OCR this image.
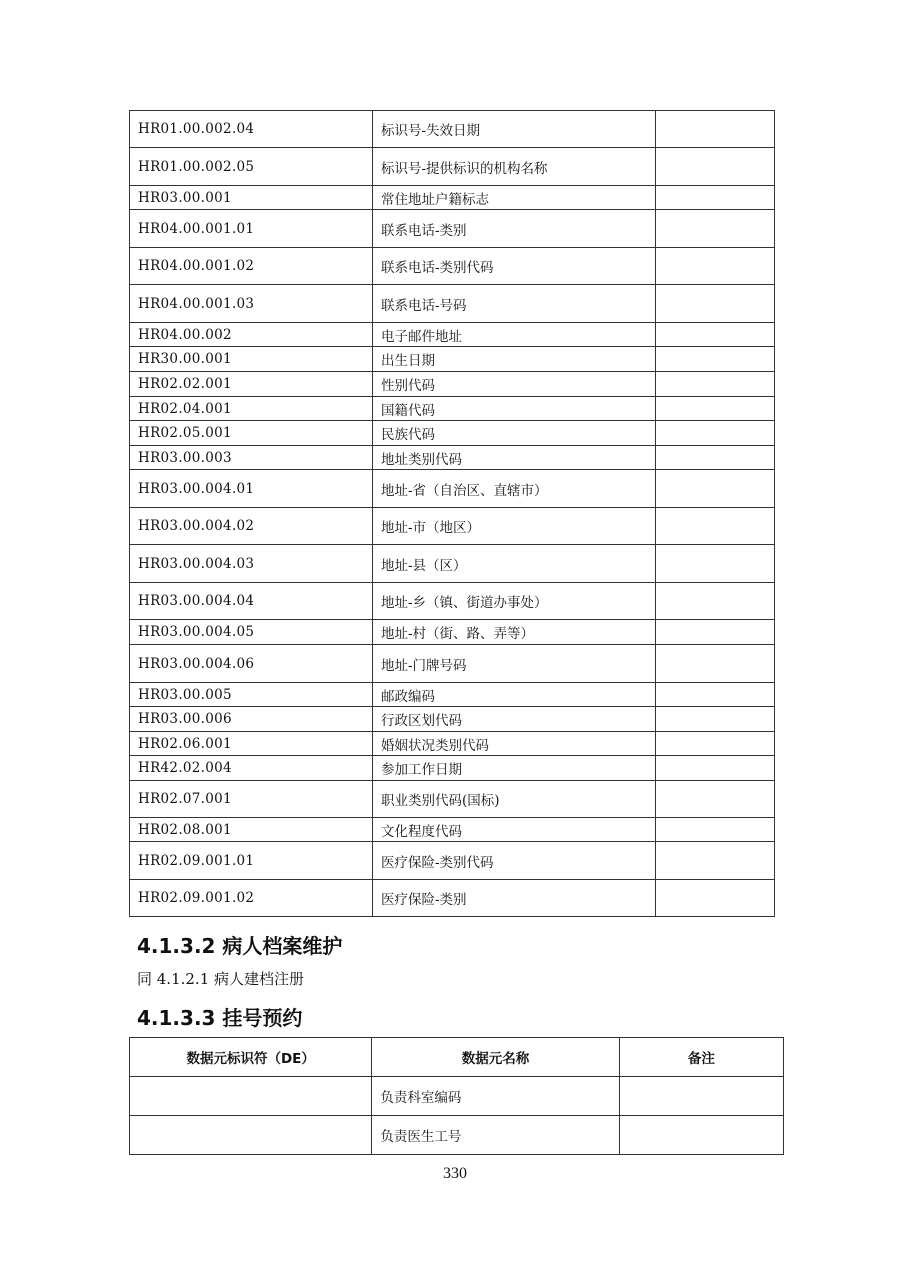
HR01.00.002.04	标识号-失效日期	
HR01.00.002.05	标识号-提供标识的机构名称	
HR03.00.001	常住地址户籍标志	
HR04.00.001.01	联系电话-类别	
HR04.00.001.02	联系电话-类别代码	
HR04.00.001.03	联系电话-号码	
HR04.00.002	电子邮件地址	
HR30.00.001	出生日期	
HR02.02.001	性别代码	
HR02.04.001	国籍代码	
HR02.05.001	民族代码	
HR03.00.003	地址类别代码	
HR03.00.004.01	地址-省（自治区、直辖市）	
HR03.00.004.02	地址-市（地区）	
HR03.00.004.03	地址-县（区）	
HR03.00.004.04	地址-乡（镇、街道办事处）	
HR03.00.004.05	地址-村（街、路、弄等）	
HR03.00.004.06	地址-门牌号码	
HR03.00.005	邮政编码	
HR03.00.006	行政区划代码	
HR02.06.001	婚姻状况类别代码	
HR42.02.004	参加工作日期	
HR02.07.001	职业类别代码(国标)	
HR02.08.001	文化程度代码	
HR02.09.001.01	医疗保险-类别代码	
HR02.09.001.02	医疗保险-类别	
4.1.3.2 病人档案维护
同 4.1.2.1 病人建档注册
4.1.3.3 挂号预约
数据元标识符（DE）	数据元名称	备注
	负责科室编码	
	负责医生工号	
330
